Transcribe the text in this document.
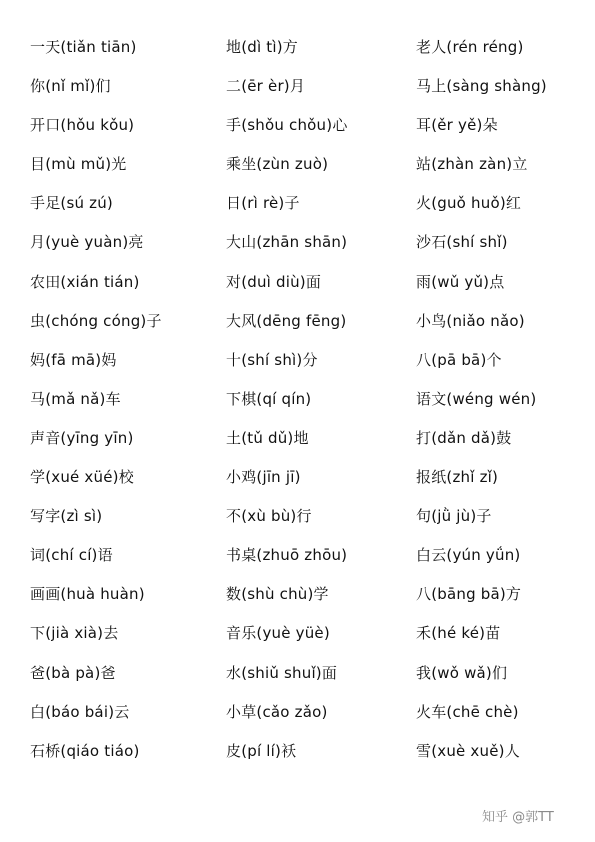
一天(tiǎn tiān)
你(nǐ mǐ)们
开口(hǒu kǒu)
目(mù mǔ)光
手足(sú zú)
月(yuè yuàn)亮
农田(xián tián)
虫(chóng cóng)子
妈(fā mā)妈
马(mǎ nǎ)车
声音(yīng yīn)
学(xué xüé)校
写字(zì sì)
词(chí cí)语
画画(huà huàn)
下(jià xià)去
爸(bà pà)爸
白(báo bái)云
石桥(qiáo tiáo)
地(dì tì)方
二(ēr èr)月
手(shǒu chǒu)心
乘坐(zùn zuò)
日(rì rè)子
大山(zhān shān)
对(duì diù)面
大风(dēng fēng)
十(shí shì)分
下棋(qí qín)
土(tǔ dǔ)地
小鸡(jīn jī)
不(xù bù)行
书桌(zhuō zhōu)
数(shù chù)学
音乐(yuè yüè)
水(shiǔ shuǐ)面
小草(cǎo zǎo)
皮(pí lí)袄
老人(rén réng)
马上(sàng shàng)
耳(ěr yě)朵
站(zhàn zàn)立
火(guǒ huǒ)红
沙石(shí shǐ)
雨(wǔ yǔ)点
小鸟(niǎo nǎo)
八(pā bā)个
语文(wéng wén)
打(dǎn dǎ)鼓
报纸(zhǐ zǐ)
句(jǜ jù)子
白云(yún yǘn)
八(bāng bā)方
禾(hé ké)苗
我(wǒ wǎ)们
火车(chē chè)
雪(xuè xuě)人
知乎 @郭TT
